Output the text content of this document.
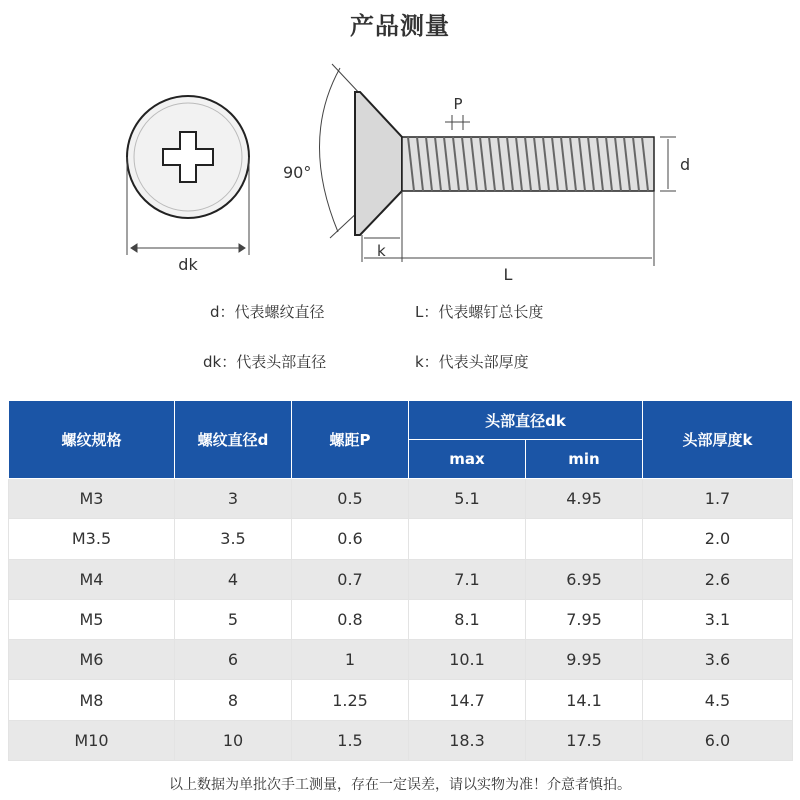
产品测量
dk
90°
P
d
k
L
d：代表螺纹直径	L：代表螺钉总长度
dk：代表头部直径	k：代表头部厚度
螺纹规格	螺纹直径d	螺距P	头部直径dk		头部厚度k
			max	min	
M3	3	0.5	5.1	4.95	1.7
M3.5	3.5	0.6			2.0
M4	4	0.7	7.1	6.95	2.6
M5	5	0.8	8.1	7.95	3.1
M6	6	1	10.1	9.95	3.6
M8	8	1.25	14.7	14.1	4.5
M10	10	1.5	18.3	17.5	6.0
以上数据为单批次手工测量，存在一定误差，请以实物为准！介意者慎拍。
